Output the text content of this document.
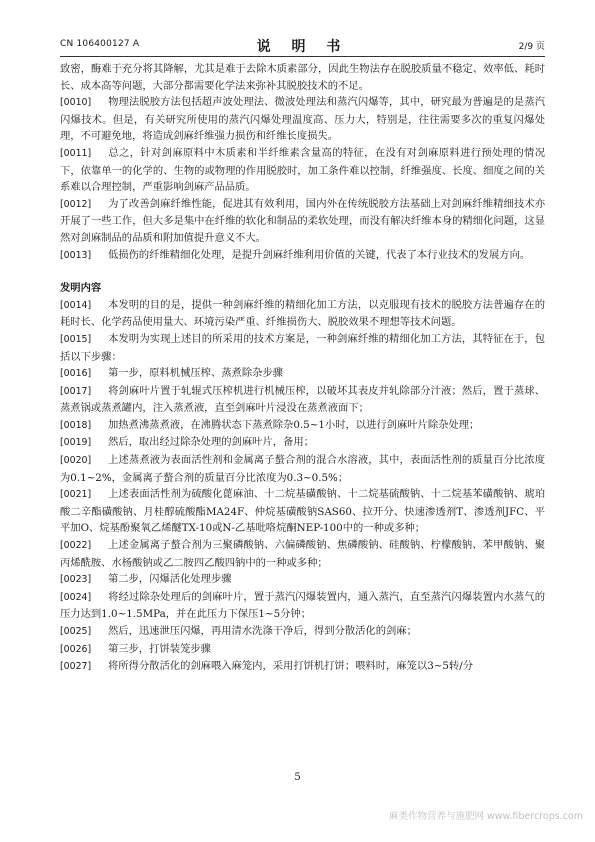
CN 106400127 A	说 明 书	2/9 页

致密，酶难于充分将其降解，尤其是难于去除木质素部分，因此生物法存在脱胶质量不稳定、效率低、耗时长、成本高等问题，大部分都需要化学法来弥补其脱胶技术的不足。

[0010] 物理法脱胶方法包括超声波处理法、微波处理法和蒸汽闪爆等，其中，研究最为普遍是的是蒸汽闪爆技术。但是，有关研究所使用的蒸汽闪爆处理温度高、压力大，特别是，往往需要多次的重复闪爆处理，不可避免地，将造成剑麻纤维强力损伤和纤维长度损失。

[0011] 总之，针对剑麻原料中木质素和半纤维素含量高的特征，在没有对剑麻原料进行预处理的情况下，依靠单一的化学的、生物的或物理的作用脱胶时，加工条件难以控制，纤维强度、长度、细度之间的关系难以合理控制，严重影响剑麻产品品质。

[0012] 为了改善剑麻纤维性能，促进其有效利用，国内外在传统脱胶方法基础上对剑麻纤维精细技术亦开展了一些工作，但大多是集中在纤维的软化和制品的柔软处理，而没有解决纤维本身的精细化问题，这显然对剑麻制品的品质和附加值提升意义不大。

[0013] 低损伤的纤维精细化处理，是提升剑麻纤维利用价值的关键，代表了本行业技术的发展方向。

发明内容

[0014] 本发明的目的是，提供一种剑麻纤维的精细化加工方法，以克服现有技术的脱胶方法普遍存在的耗时长、化学药品使用量大、环境污染严重、纤维损伤大、脱胶效果不理想等技术问题。

[0015] 本发明为实现上述目的所采用的技术方案是，一种剑麻纤维的精细化加工方法，其特征在于，包括以下步骤：

[0016] 第一步，原料机械压榨、蒸煮除杂步骤

[0017] 将剑麻叶片置于轧辊式压榨机进行机械压榨，以破坏其表皮并轧除部分汁液；然后，置于蒸球、蒸煮锅或蒸煮罐内，注入蒸煮液，直至剑麻叶片浸没在蒸煮液面下；

[0018] 加热煮沸蒸煮液，在沸腾状态下蒸煮除杂0.5~1小时，以进行剑麻叶片除杂处理；

[0019] 然后，取出经过除杂处理的剑麻叶片，备用；

[0020] 上述蒸煮液为表面活性剂和金属离子螯合剂的混合水溶液，其中，表面活性剂的质量百分比浓度为0.1~2%，金属离子螯合剂的质量百分比浓度为0.3~0.5%；

[0021] 上述表面活性剂为硫酸化蓖麻油、十二烷基磺酸钠、十二烷基硫酸钠、十二烷基苯磺酸钠、琥珀酸二辛酯磺酸钠、月桂醇硫酸酯MA24F、仲烷基磺酸钠SAS60、拉开分、快速渗透剂T、渗透剂JFC、平平加O、烷基酚聚氧乙烯醚TX-10或N-乙基吡咯烷酮NEP-100中的一种或多种；

[0022] 上述金属离子螯合剂为三聚磷酸钠、六偏磷酸钠、焦磷酸钠、硅酸钠、柠檬酸钠、苯甲酸钠、聚丙烯酰胺、水杨酸钠或乙二胺四乙酸四钠中的一种或多种；

[0023] 第二步，闪爆活化处理步骤

[0024] 将经过除杂处理后的剑麻叶片，置于蒸汽闪爆装置内，通入蒸汽，直至蒸汽闪爆装置内水蒸气的压力达到1.0~1.5MPa，并在此压力下保压1~5分钟；

[0025] 然后，迅速泄压闪爆，再用清水洗涤干净后，得到分散活化的剑麻；

[0026] 第三步，打饼装笼步骤

[0027] 将所得分散活化的剑麻喂入麻笼内，采用打饼机打饼；喂料时，麻笼以3~5转/分

5
麻类作物营养与施肥网 www.fibercrops.com
